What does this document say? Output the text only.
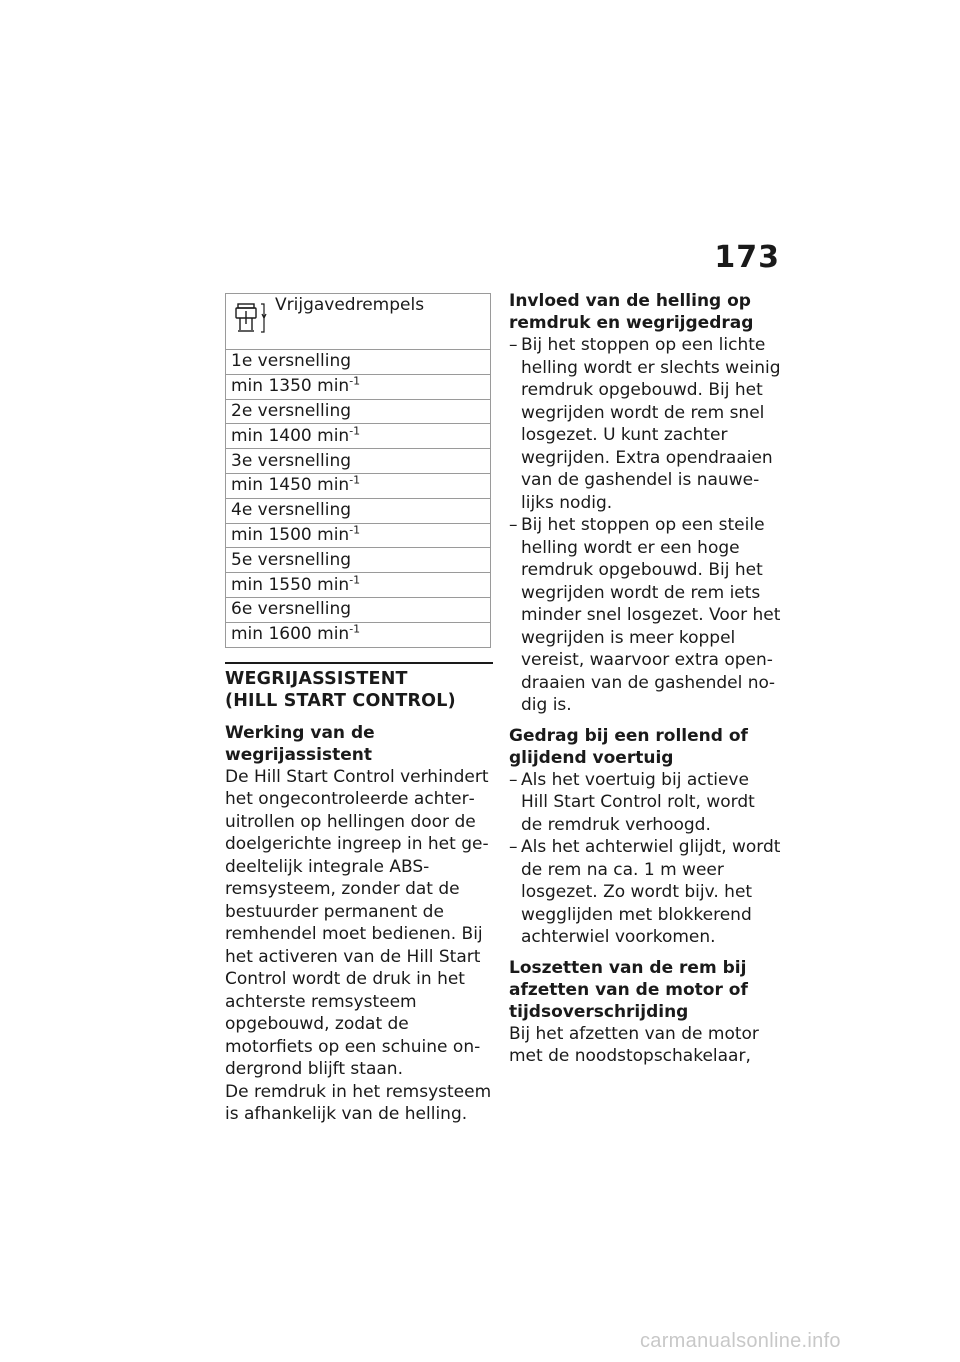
173
Vrijgavedrempels

1e versnelling
min 1350 $\min^{-1}$
2e versnelling
min 1400 $\min^{-1}$
3e versnelling
min 1450 $\min^{-1}$
4e versnelling
min 1500 $\min^{-1}$
5e versnelling
min 1550 $\min^{-1}$
6e versnelling
min 1600 $\min^{-1}$
WEGRIJASSISTENT
(HILL START CONTROL)
Werking van de wegrijassistent
De Hill Start Control verhindert het ongecontroleerde achteruitrollen op hellingen door de doelgerichte ingreep in het gedeeltelijk integrale ABS-remsysteem, zonder dat de bestuurder permanent de remhendel moet bedienen. Bij het activeren van de Hill Start Control wordt de druk in het achterste remsysteem opgebouwd, zodat de motorfiets op een schuine ondergrond blijft staan.
De remdruk in het remsysteem is afhankelijk van de helling.
Invloed van de helling op remdruk en wegrijgedrag
– Bij het stoppen op een lichte helling wordt er slechts weinig remdruk opgebouwd. Bij het wegrijden wordt de rem snel losgezet. U kunt zachter wegrijden. Extra opendraaien van de gashendel is nauwelijks nodig.
– Bij het stoppen op een steile helling wordt er een hoge remdruk opgebouwd. Bij het wegrijden wordt de rem iets minder snel losgezet. Voor het wegrijden is meer koppel vereist, waarvoor extra opendraaien van de gashendel nodig is.
Gedrag bij een rollend of glijdend voertuig
– Als het voertuig bij actieve Hill Start Control rolt, wordt de remdruk verhoogd.
– Als het achterwiel glijdt, wordt de rem na ca. 1 m weer losgezet. Zo wordt bijv. het wegglijden met blokkerend achterwiel voorkomen.
Loszetten van de rem bij afzetten van de motor of tijdsoverschrijding
Bij het afzetten van de motor met de noodstopschakelaar,
carmanualsonline.info
